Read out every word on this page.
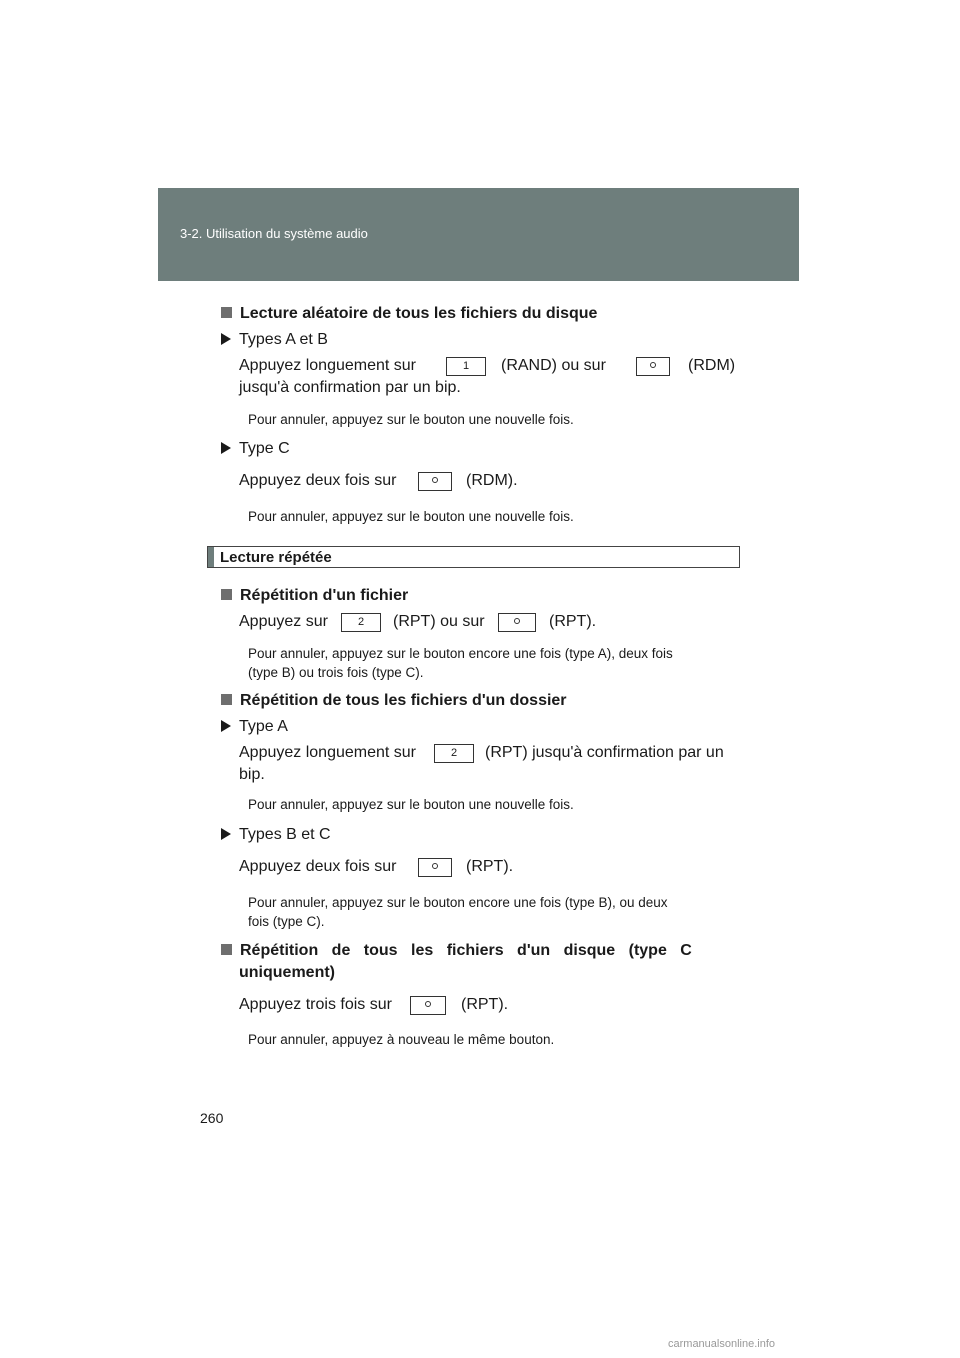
3-2. Utilisation du système audio
Lecture aléatoire de tous les fichiers du disque
Types A et B
Appuyez longuement sur	1	(RAND) ou sur	(RDM)
jusqu'à confirmation par un bip.
Pour annuler, appuyez sur le bouton une nouvelle fois.
Type C
Appuyez deux fois sur	(RDM).
Pour annuler, appuyez sur le bouton une nouvelle fois.
Lecture répétée
Répétition d'un fichier
Appuyez sur	2	(RPT) ou sur	(RPT).
Pour annuler, appuyez sur le bouton encore une fois (type A), deux fois
(type B) ou trois fois (type C).
Répétition de tous les fichiers d'un dossier
Type A
Appuyez longuement sur	2	(RPT) jusqu'à confirmation par un
bip.
Pour annuler, appuyez sur le bouton une nouvelle fois.
Types B et C
Appuyez deux fois sur	(RPT).
Pour annuler, appuyez sur le bouton encore une fois (type B), ou deux
fois (type C).
Répétition de tous les fichiers d'un disque (type C
uniquement)
Appuyez trois fois sur	(RPT).
Pour annuler, appuyez à nouveau le même bouton.
260
carmanualsonline.info
